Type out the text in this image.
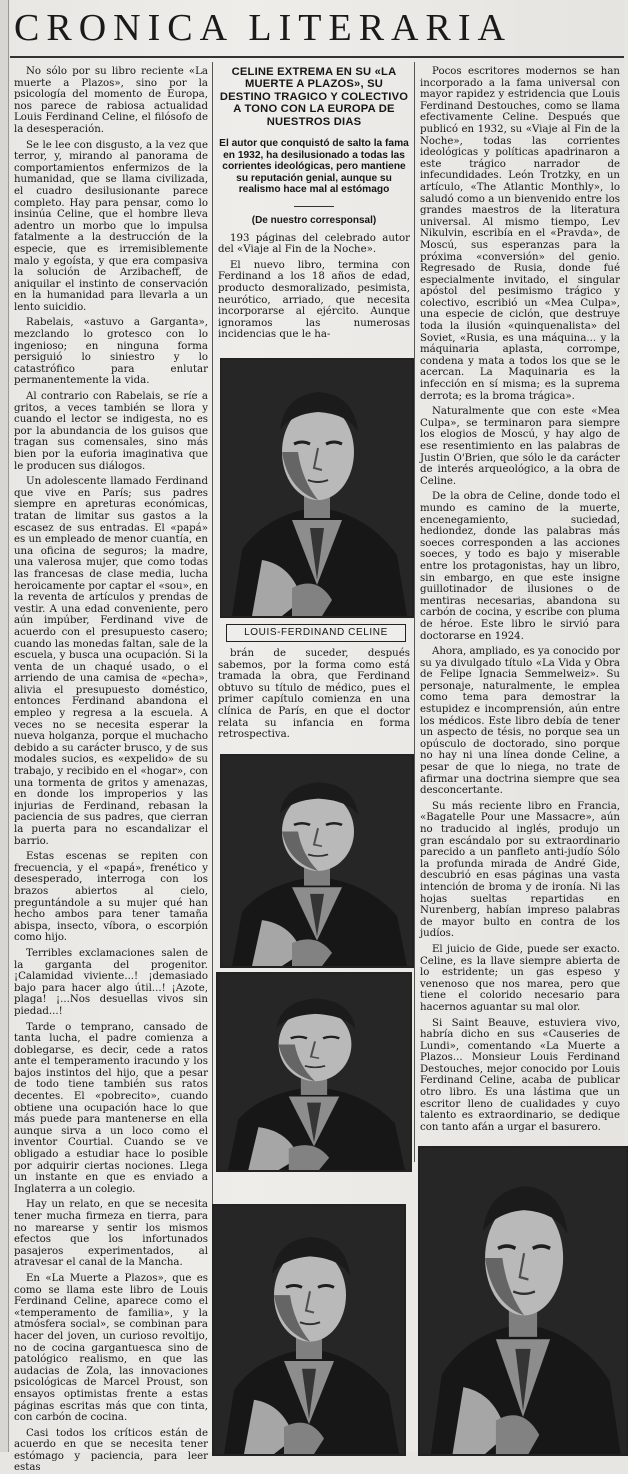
CRONICA LITERARIA

No sólo por su libro reciente «La muerte a Plazos», sino por la psicología del momento de Europa, nos parece de rabiosa actualidad Louis Ferdinand Celine, el filósofo de la desesperación.

Se le lee con disgusto, a la vez que terror, y, mirando al panorama de comportamientos enfermizos de la humanidad, que se llama civilizada, el cuadro desilusionante parece completo. Hay para pensar, como lo insinúa Celine, que el hombre lleva adentro un morbo que lo impulsa fatalmente a la destrucción de la especie, que es irremisiblemente malo y egoísta, y que era compasiva la solución de Arzibacheff, de aniquilar el instinto de conservación en la humanidad para llevarla a un lento suicidio.

Rabelais, «astuvo a Garganta», mezclando lo grotesco con lo ingenioso; en ninguna forma persiguió lo siniestro y lo catastrófico para enlutar permanentemente la vida.

Al contrario con Rabelais, se ríe a gritos, a veces también se llora y cuando el lector se indigesta, no es por la abundancia de los guisos que tragan sus comensales, sino más bien por la euforia imaginativa que le producen sus diálogos.

Un adolescente llamado Ferdinand que vive en París; sus padres siempre en apreturas económicas, tratan de limitar sus gastos a la escasez de sus entradas. El «papá» es un empleado de menor cuantía, en una oficina de seguros; la madre, una valerosa mujer, que como todas las francesas de clase media, lucha heroicamente por captar el «sou», en la reventa de artículos y prendas de vestir. A una edad conveniente, pero aún impúber, Ferdinand vive de acuerdo con el presupuesto casero; cuando las monedas faltan, sale de la escuela, y busca una ocupación. Si la venta de un chaqué usado, o el arriendo de una camisa de «pecha», alivia el presupuesto doméstico, entonces Ferdinand abandona el empleo y regresa a la escuela. A veces no se necesita esperar la nueva holganza, porque el muchacho debido a su carácter brusco, y de sus modales sucios, es «expelido» de su trabajo, y recibido en el «hogar», con una tormenta de gritos y amenazas, en donde los improperios y las injurias de Ferdinand, rebasan la paciencia de sus padres, que cierran la puerta para no escandalizar el barrio.

Estas escenas se repiten con frecuencia, y el «papá», frenético y desesperado, interroga con los brazos abiertos al cielo, preguntándole a su mujer qué han hecho ambos para tener tamaña abispa, insecto, víbora, o escorpión como hijo.

Terribles exclamaciones salen de la garganta del progenitor. ¡Calamidad viviente...! ¡demasiado bajo para hacer algo útil...! ¡Azote, plaga! ¡...Nos desuellas vivos sin piedad...!

Tarde o temprano, cansado de tanta lucha, el padre comienza a doblegarse, es decir, cede a ratos ante el temperamento iracundo y los bajos instintos del hijo, que a pesar de todo tiene también sus ratos decentes. El «pobrecito», cuando obtiene una ocupación hace lo que más puede para mantenerse en ella aunque sirva a un loco como el inventor Courtial. Cuando se ve obligado a estudiar hace lo posible por adquirir ciertas nociones. Llega un instante en que es enviado a Inglaterra a un colegio.

Hay un relato, en que se necesita tener mucha firmeza en tierra, para no marearse y sentir los mismos efectos que los infortunados pasajeros experimentados, al atravesar el canal de la Mancha.

En «La Muerte a Plazos», que es como se llama este libro de Louis Ferdinand Celine, aparece como el «temperamento de familia», y la atmósfera social», se combinan para hacer del joven, un curioso revoltijo, no de cocina gargantuesca sino de patológico realismo, en que las audacias de Zola, las innovaciones psicológicas de Marcel Proust, son ensayos optimistas frente a estas páginas escritas más que con tinta, con carbón de cocina.

Casi todos los críticos están de acuerdo en que se necesita tener estómago y paciencia, para leer estas

CELINE EXTREMA EN SU «LA MUERTE A PLAZOS», SU DESTINO TRAGICO Y COLECTIVO A TONO CON LA EUROPA DE NUESTROS DIAS
El autor que conquistó de salto la fama en 1932, ha desilusionado a todas las corrientes ideológicas, pero mantiene su reputación genial, aunque su realismo hace mal al estómago
(De nuestro corresponsal)

193 páginas del celebrado autor del «Viaje al Fin de la Noche».

El nuevo libro, termina con Ferdinand a los 18 años de edad, producto desmoralizado, pesimista, neurótico, arriado, que necesita incorporarse al ejército. Aunque ignoramos las numerosas incidencias que le ha-

LOUIS-FERDINAND CELINE

brán de suceder, después sabemos, por la forma como está tramada la obra, que Ferdinand obtuvo su título de médico, pues el primer capítulo comienza en una clínica de París, en que el doctor relata su infancia en forma retrospectiva.

Pocos escritores modernos se han incorporado a la fama universal con mayor rapidez y estridencia que Louis Ferdinand Destouches, como se llama efectivamente Celine. Después que publicó en 1932, su «Viaje al Fin de la Noche», todas las corrientes ideológicas y políticas apadrinaron a este trágico narrador de infecundidades. León Trotzky, en un artículo, «The Atlantic Monthly», lo saludó como a un bienvenido entre los grandes maestros de la literatura universal. Al mismo tiempo, Lev Nikulvin, escribía en el «Pravda», de Moscú, sus esperanzas para la próxima «conversión» del genio. Regresado de Rusia, donde fué especialmente invitado, el singular apóstol del pesimismo trágico y colectivo, escribió un «Mea Culpa», una especie de ciclón, que destruye toda la ilusión «quinquenalista» del Soviet, «Rusia, es una máquina... y la máquinaria aplasta, corrompe, condena y mata a todos los que se le acercan. La Maquinaria es la infección en sí misma; es la suprema derrota; es la broma trágica».

Naturalmente que con este «Mea Culpa», se terminaron para siempre los elogios de Moscú, y hay algo de ese resentimiento en las palabras de Justin O'Brien, que sólo le da carácter de interés arqueológico, a la obra de Celine.

De la obra de Celine, donde todo el mundo es camino de la muerte, encenegamiento, suciedad, hediondez, donde las palabras más soeces corresponden a las acciones soeces, y todo es bajo y miserable entre los protagonistas, hay un libro, sin embargo, en que este insigne guillotinador de ilusiones o de mentiras necesarias, abandona su carbón de cocina, y escribe con pluma de héroe. Este libro le sirvió para doctorarse en 1924.

Ahora, ampliado, es ya conocido por su ya divulgado título «La Vida y Obra de Felipe Ignacia Semmelweiz». Su personaje, naturalmente, le emplea como tema para demostrar la estupidez e incomprensión, aún entre los médicos. Este libro debía de tener un aspecto de tésis, no porque sea un opúsculo de doctorado, sino porque no hay ni una línea donde Celine, a pesar de que lo niega, no trate de afirmar una doctrina siempre que sea desconcertante.

Su más reciente libro en Francia, «Bagatelle Pour une Massacre», aún no traducido al inglés, produjo un gran escándalo por su extraordinario parecido a un panfleto anti-judío Sólo la profunda mirada de André Gide, descubrió en esas páginas una vasta intención de broma y de ironía. Ni las hojas sueltas repartidas en Nurenberg, habían impreso palabras de mayor bulto en contra de los judíos.

El juicio de Gide, puede ser exacto. Celine, es la llave siempre abierta de lo estridente; un gas espeso y venenoso que nos marea, pero que tiene el colorido necesario para hacernos aguantar su mal olor.

Si Saint Beauve, estuviera vivo, habría dicho en sus «Causeries de Lundi», comentando «La Muerte a Plazos... Monsieur Louis Ferdinand Destouches, mejor conocido por Louis Ferdinand Celine, acaba de publicar otro libro. Es una lástima que un escritor lleno de cualidades y cuyo talento es extraordinario, se dedique con tanto afán a urgar el basurero.
